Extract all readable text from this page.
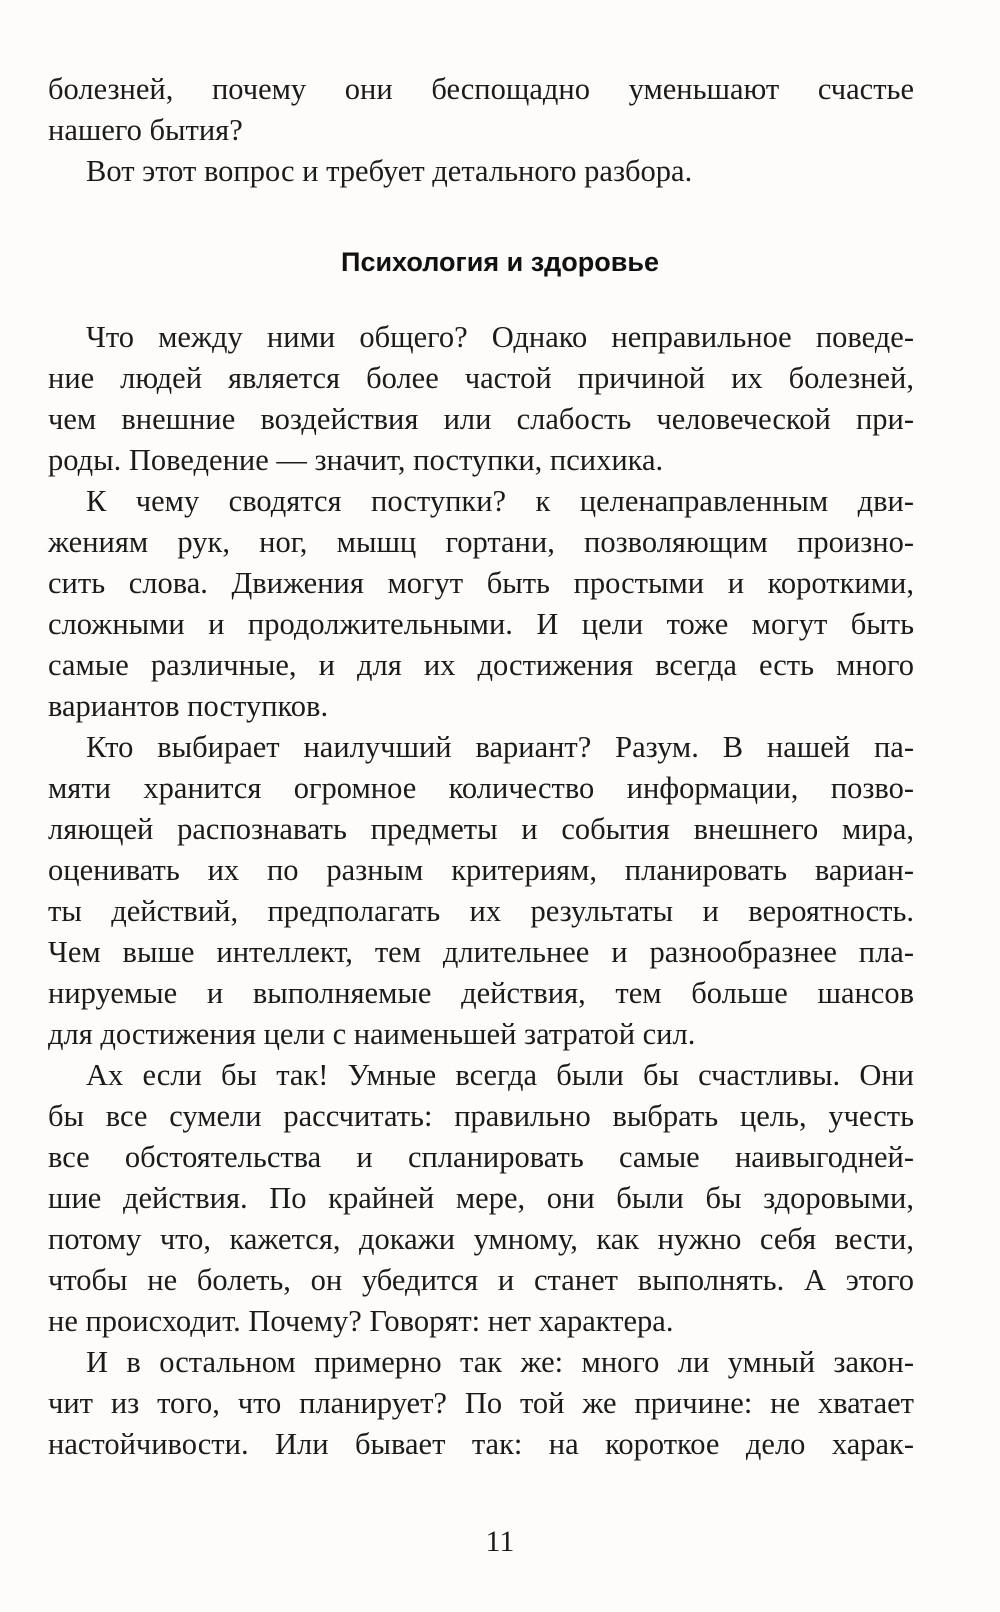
болезней, почему они беспощадно уменьшают счастье
нашего бытия?
Вот этот вопрос и требует детального разбора.
Психология и здоровье
Что между ними общего? Однако неправильное поведе-
ние людей является более частой причиной их болезней,
чем внешние воздействия или слабость человеческой при-
роды. Поведение — значит, поступки, психика.
К чему сводятся поступки? к целенаправленным дви-
жениям рук, ног, мышц гортани, позволяющим произно-
сить слова. Движения могут быть простыми и короткими,
сложными и продолжительными. И цели тоже могут быть
самые различные, и для их достижения всегда есть много
вариантов поступков.
Кто выбирает наилучший вариант? Разум. В нашей па-
мяти хранится огромное количество информации, позво-
ляющей распознавать предметы и события внешнего мира,
оценивать их по разным критериям, планировать вариан-
ты действий, предполагать их результаты и вероятность.
Чем выше интеллект, тем длительнее и разнообразнее пла-
нируемые и выполняемые действия, тем больше шансов
для достижения цели с наименьшей затратой сил.
Ах если бы так! Умные всегда были бы счастливы. Они
бы все сумели рассчитать: правильно выбрать цель, учесть
все обстоятельства и спланировать самые наивыгодней-
шие действия. По крайней мере, они были бы здоровыми,
потому что, кажется, докажи умному, как нужно себя вести,
чтобы не болеть, он убедится и станет выполнять. А этого
не происходит. Почему? Говорят: нет характера.
И в остальном примерно так же: много ли умный закон-
чит из того, что планирует? По той же причине: не хватает
настойчивости. Или бывает так: на короткое дело харак-
11
